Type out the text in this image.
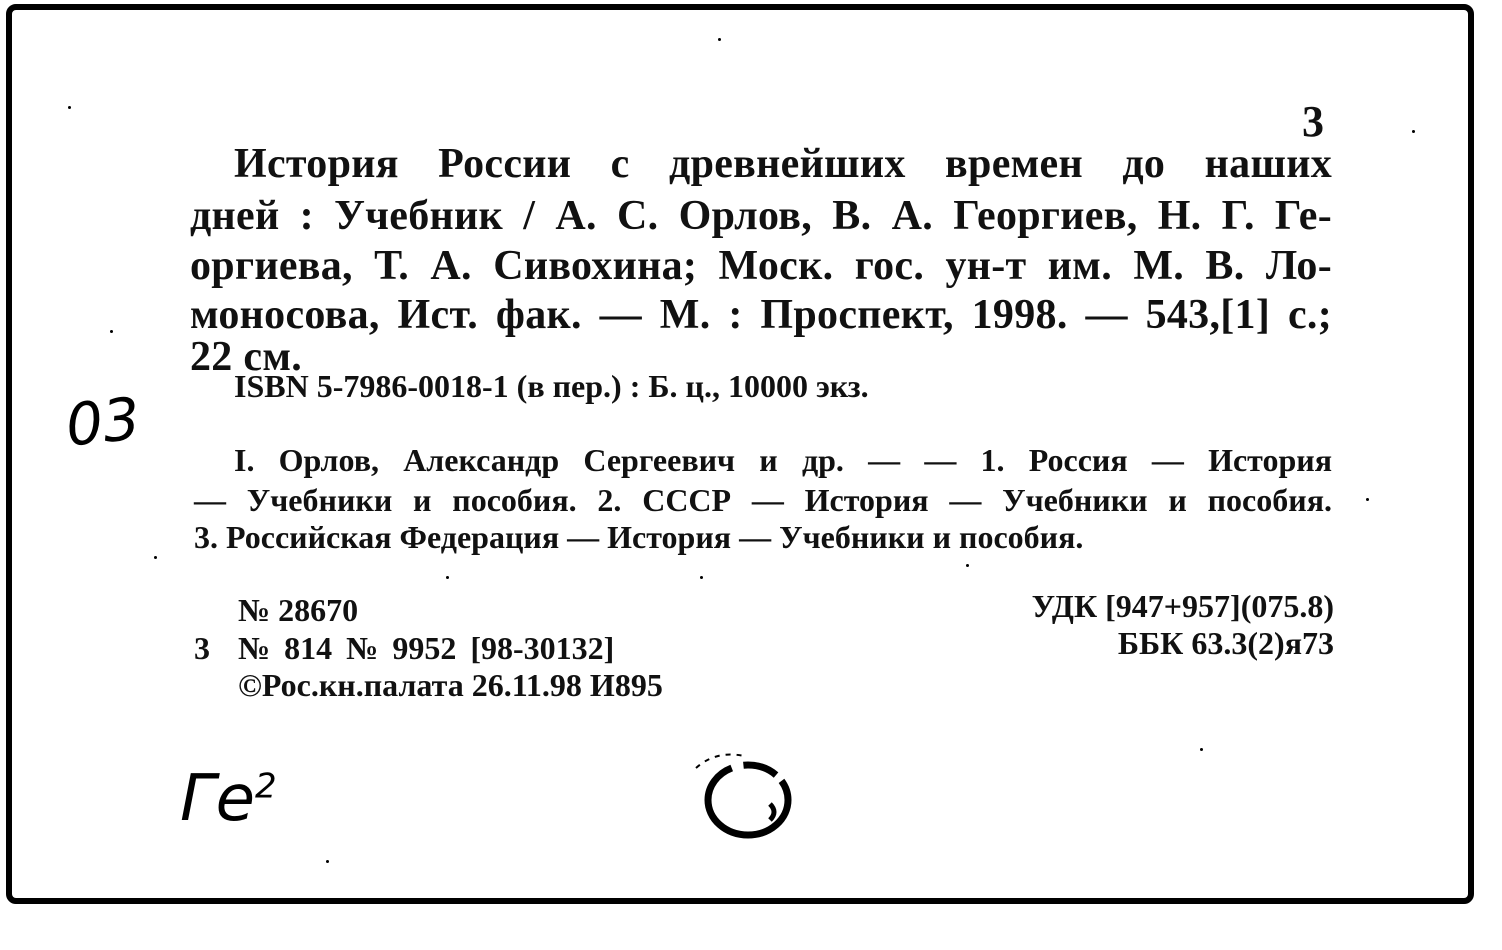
3
История России с древнейших времен до наших
дней : Учебник / А. С. Орлов, В. А. Георгиев, Н. Г. Ге-
оргиева, Т. А. Сивохина; Моск. гос. ун-т им. М. В. Ло-
моносова, Ист. фак. — М. : Проспект, 1998. — 543,[1] с.;
22 см.
ISBN 5-7986-0018-1 (в пер.) : Б. ц., 10000 экз.
I. Орлов, Александр Сергеевич и др. — — 1. Россия — История
— Учебники и пособия. 2. СССР — История — Учебники и пособия.
3. Российская Федерация — История — Учебники и пособия.
№ 28670
3 № 814 № 9952 [98-30132]
©Рос.кн.палата 26.11.98 И895
УДК [947+957](075.8)
ББК 63.3(2)я73
03
$Ге^2$
